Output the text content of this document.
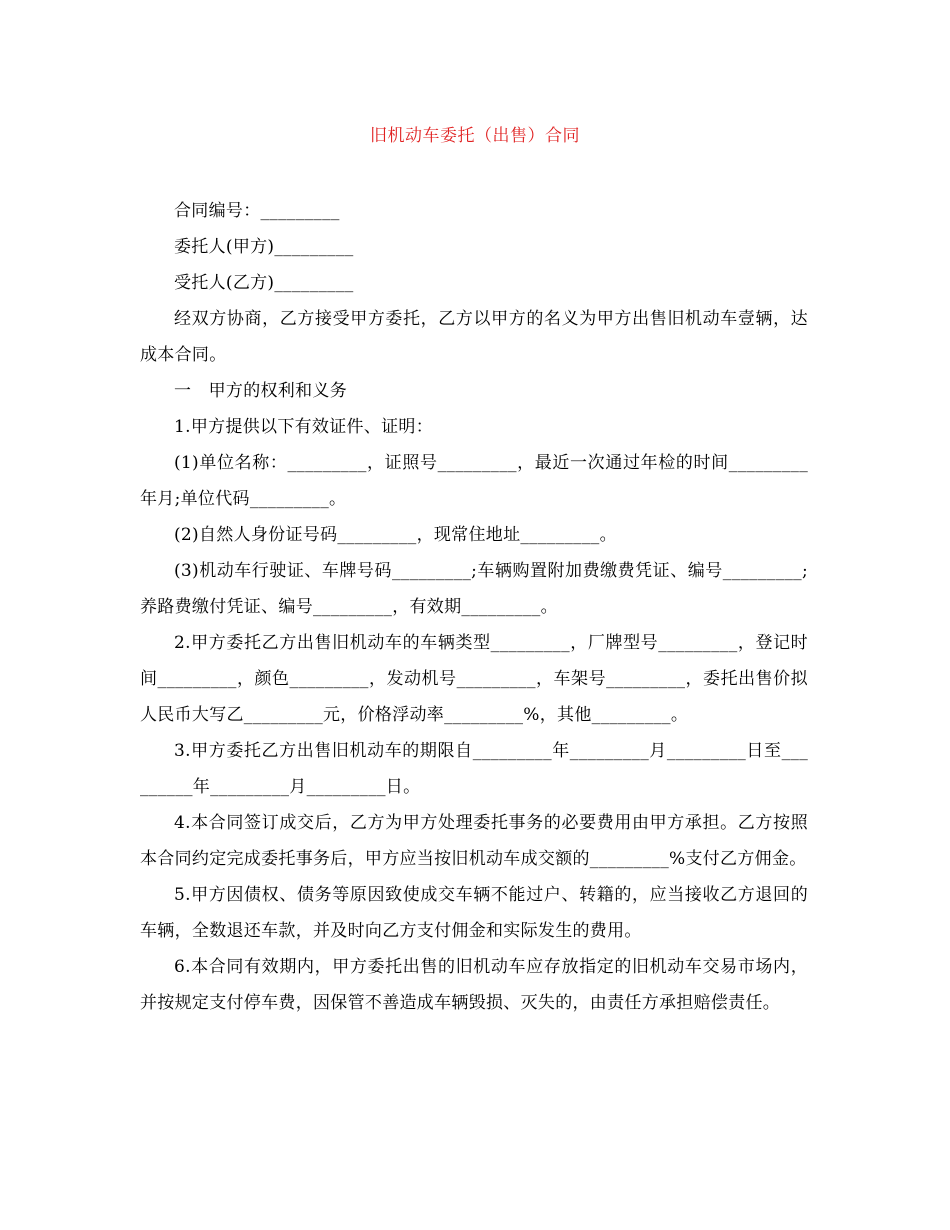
旧机动车委托（出售）合同

合同编号：_________

委托人(甲方)_________

受托人(乙方)_________

经双方协商，乙方接受甲方委托，乙方以甲方的名义为甲方出售旧机动车壹辆，达成本合同。

一　甲方的权利和义务

1.甲方提供以下有效证件、证明：

(1)单位名称：_________，证照号_________，最近一次通过年检的时间_________年月;单位代码_________。

(2)自然人身份证号码_________，现常住地址_________。

(3)机动车行驶证、车牌号码_________;车辆购置附加费缴费凭证、编号_________;养路费缴付凭证、编号_________，有效期_________。

2.甲方委托乙方出售旧机动车的车辆类型_________，厂牌型号_________，登记时间_________，颜色_________，发动机号_________，车架号_________，委托出售价拟人民币大写乙_________元，价格浮动率_________%，其他_________。

3.甲方委托乙方出售旧机动车的期限自_________年_________月_________日至_________年_________月_________日。

4.本合同签订成交后，乙方为甲方处理委托事务的必要费用由甲方承担。乙方按照本合同约定完成委托事务后，甲方应当按旧机动车成交额的_________%支付乙方佣金。

5.甲方因债权、债务等原因致使成交车辆不能过户、转籍的，应当接收乙方退回的车辆，全数退还车款，并及时向乙方支付佣金和实际发生的费用。

6.本合同有效期内，甲方委托出售的旧机动车应存放指定的旧机动车交易市场内，并按规定支付停车费，因保管不善造成车辆毁损、灭失的，由责任方承担赔偿责任。
